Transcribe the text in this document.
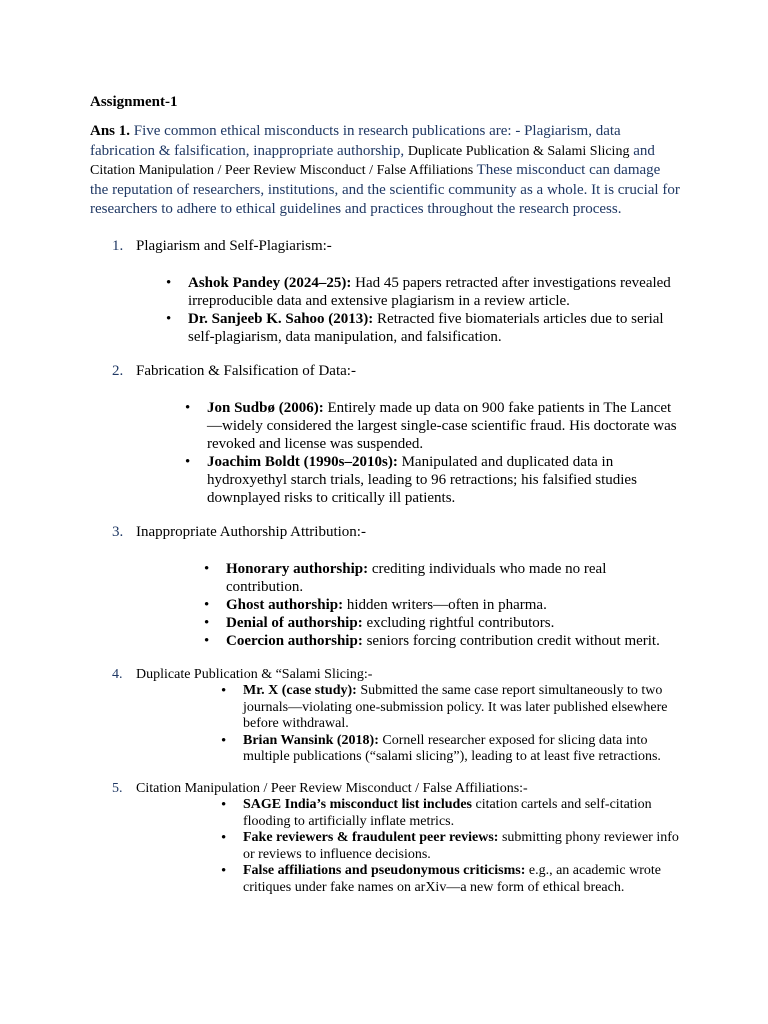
Assignment-1

Ans 1. Five common ethical misconducts in research publications are: - Plagiarism, data fabrication & falsification, inappropriate authorship, Duplicate Publication & Salami Slicing and Citation Manipulation / Peer Review Misconduct / False Affiliations These misconduct can damage the reputation of researchers, institutions, and the scientific community as a whole. It is crucial for researchers to adhere to ethical guidelines and practices throughout the research process.

1. Plagiarism and Self-Plagiarism:-

• Ashok Pandey (2024–25): Had 45 papers retracted after investigations revealed irreproducible data and extensive plagiarism in a review article.
• Dr. Sanjeeb K. Sahoo (2013): Retracted five biomaterials articles due to serial self-plagiarism, data manipulation, and falsification.

2. Fabrication & Falsification of Data:-

• Jon Sudbø (2006): Entirely made up data on 900 fake patients in The Lancet—widely considered the largest single-case scientific fraud. His doctorate was revoked and license was suspended.
• Joachim Boldt (1990s–2010s): Manipulated and duplicated data in hydroxyethyl starch trials, leading to 96 retractions; his falsified studies downplayed risks to critically ill patients.

3. Inappropriate Authorship Attribution:-

• Honorary authorship: crediting individuals who made no real contribution.
• Ghost authorship: hidden writers—often in pharma.
• Denial of authorship: excluding rightful contributors.
• Coercion authorship: seniors forcing contribution credit without merit.

4. Duplicate Publication & “Salami Slicing:-

• Mr. X (case study): Submitted the same case report simultaneously to two journals—violating one-submission policy. It was later published elsewhere before withdrawal.
• Brian Wansink (2018): Cornell researcher exposed for slicing data into multiple publications (“salami slicing”), leading to at least five retractions.

5. Citation Manipulation / Peer Review Misconduct / False Affiliations:-

• SAGE India’s misconduct list includes citation cartels and self-citation flooding to artificially inflate metrics.
• Fake reviewers & fraudulent peer reviews: submitting phony reviewer info or reviews to influence decisions.
• False affiliations and pseudonymous criticisms: e.g., an academic wrote critiques under fake names on arXiv—a new form of ethical breach.
